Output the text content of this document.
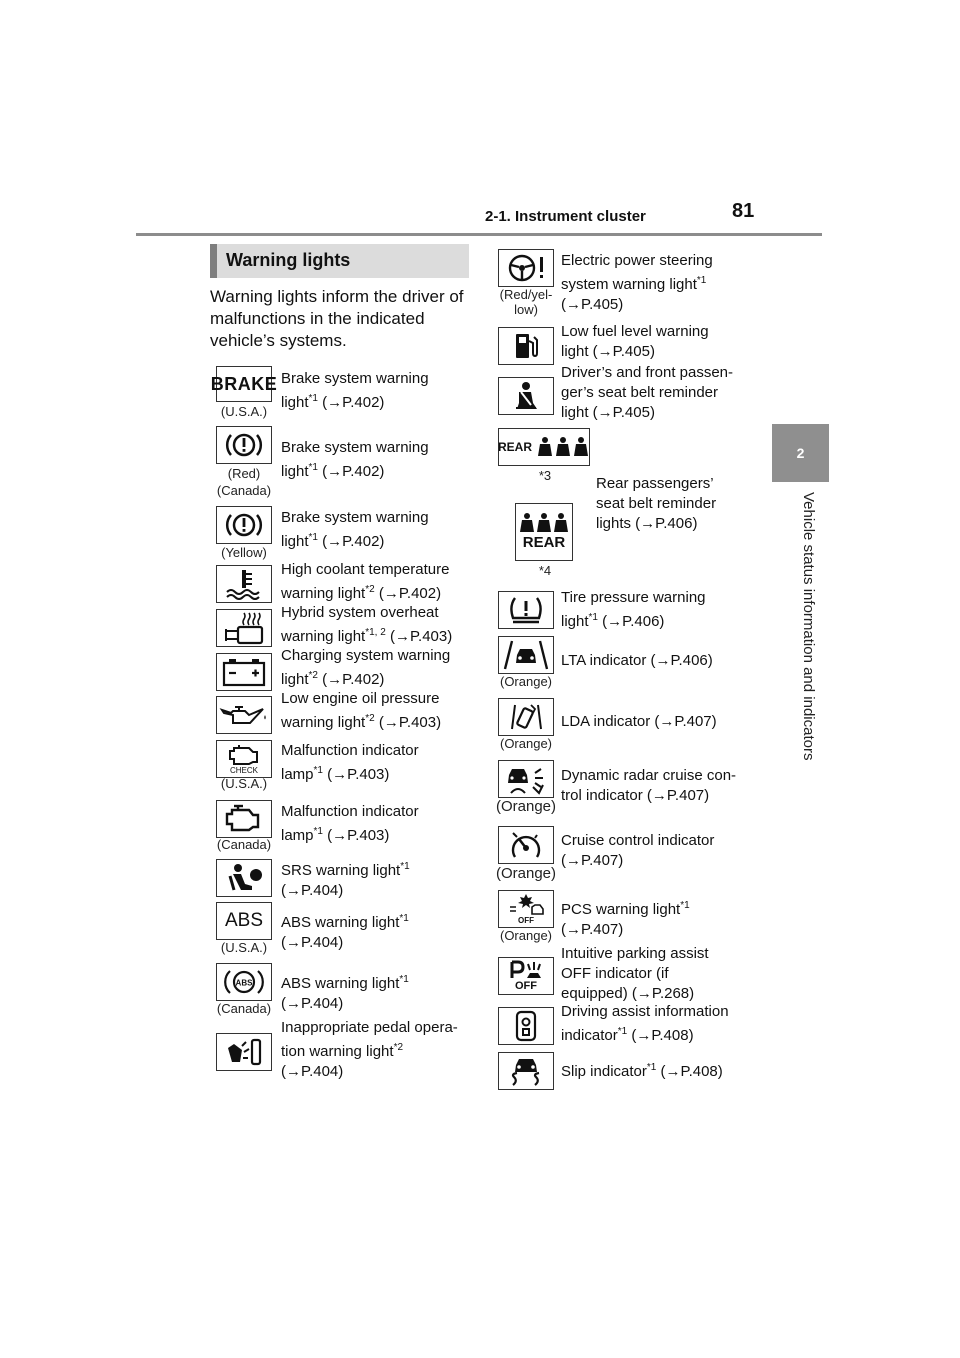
2-1. Instrument cluster	81
2
Vehicle status information and indicators
Warning lights
Warning lights inform the driver of malfunctions in the indicated vehicle’s systems.
BRAKE
(U.S.A.)
Brake system warning
light$^{*1}$ (→P.402)
(Red)
(Canada)
Brake system warning
light$^{*1}$ (→P.402)
(Yellow)
Brake system warning
light$^{*1}$ (→P.402)
High coolant temperature
warning light$^{*2}$ (→P.402)
Hybrid system overheat
warning light$^{*1, 2}$ (→P.403)
Charging system warning
light$^{*2}$ (→P.402)
Low engine oil pressure
warning light$^{*2}$ (→P.403)
CHECK
(U.S.A.)
Malfunction indicator
lamp$^{*1}$ (→P.403)
(Canada)
Malfunction indicator
lamp$^{*1}$ (→P.403)
SRS warning light$^{*1}$
(→P.404)
ABS
(U.S.A.)
ABS warning light$^{*1}$
(→P.404)
ABS
(Canada)
ABS warning light$^{*1}$
(→P.404)
Inappropriate pedal opera-
tion warning light$^{*2}$
(→P.404)
(Red/yel-
low)
Electric power steering
system warning light$^{*1}$
(→P.405)
Low fuel level warning
light (→P.405)
Driver’s and front passen-
ger’s seat belt reminder
light (→P.405)
REAR
*3
REAR
*4
Rear passengers’
seat belt reminder
lights (→P.406)
Tire pressure warning
light$^{*1}$ (→P.406)
(Orange)
LTA indicator (→P.406)
(Orange)
LDA indicator (→P.407)
(Orange)
Dynamic radar cruise con-
trol indicator (→P.407)
(Orange)
Cruise control indicator
(→P.407)
OFF
(Orange)
PCS warning light$^{*1}$
(→P.407)
OFF
Intuitive parking assist
OFF indicator (if
equipped) (→P.268)
Driving assist information
indicator$^{*1}$ (→P.408)
Slip indicator$^{*1}$ (→P.408)
